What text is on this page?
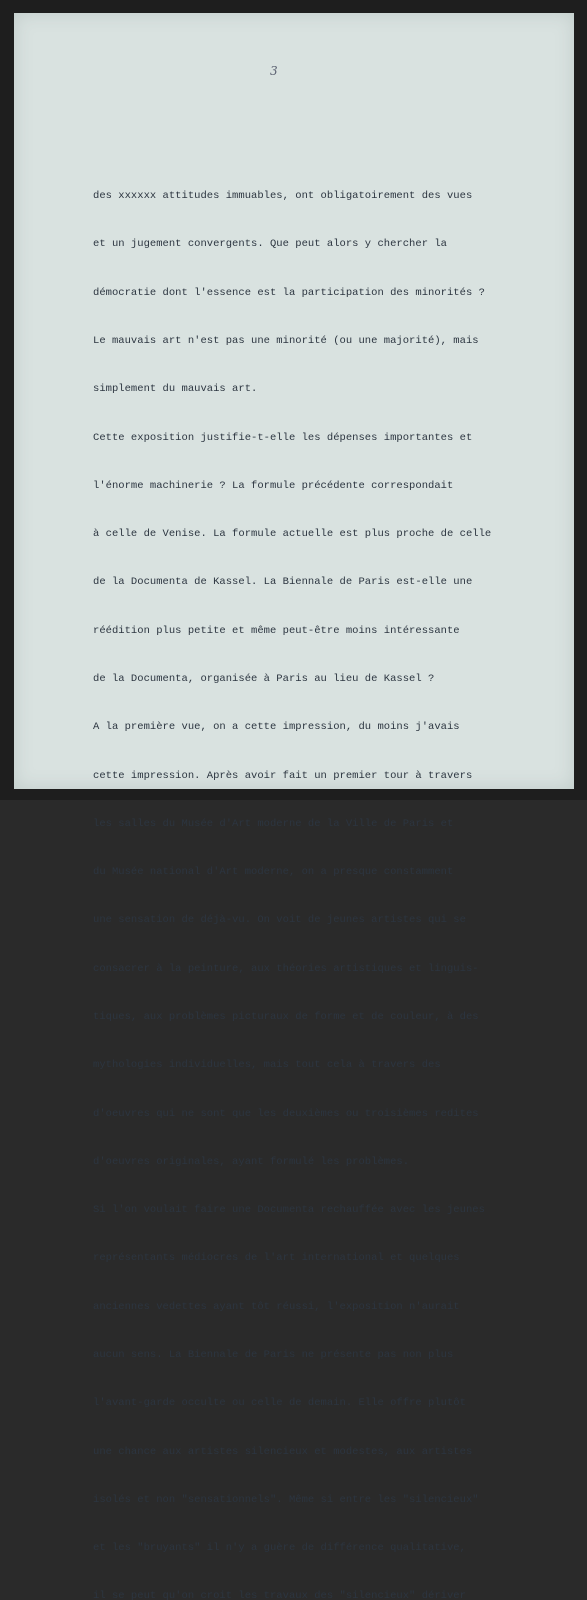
3

des xxxxxx attitudes immuables, ont obligatoirement des vues

et un jugement convergents. Que peut alors y chercher la

démocratie dont l'essence est la participation des minorités ?

Le mauvais art n'est pas une minorité (ou une majorité), mais

simplement du mauvais art.

Cette exposition justifie-t-elle les dépenses importantes et

l'énorme machinerie ? La formule précédente correspondait

à celle de Venise. La formule actuelle est plus proche de celle

de la Documenta de Kassel. La Biennale de Paris est-elle une

réédition plus petite et même peut-être moins intéressante

de la Documenta, organisée à Paris au lieu de Kassel ?

A la première vue, on a cette impression, du moins j'avais

cette impression. Après avoir fait un premier tour à travers

les salles du Musée d'Art moderne de la Ville de Paris et

du Musée national d'Art moderne, on a presque constamment

une sensation de déjà-vu. On voit de jeunes artistes qui se

consacrer à la peinture, aux théories artistiques et linguis-

tiques, aux problèmes picturaux de forme et de couleur, à des

mythologies individuelles, mais tout cela à travers des

d'oeuvres qui ne sont que les deuxièmes ou troisièmes redites

d'oeuvres originales, ayant formulé les problèmes.

Si l'on voulait faire une Documenta rechauffée avec les jeunes

représentants médiocres de l'art international et quelques

anciennes vedettes ayant tôt réussi, l'exposition n'aurait

aucun sens. La Biennale de Paris ne présente pas non plus

l'avant-garde occulte ou celle de demain. Elle offre plutôt

une chance aux artistes silencieux et modestes, aux artistes

isolés et non "sensationnels". Même si entre les "silencieux"

et les "bruyants" il n'y a guère de différence qualitative,

il se peut qu'on croit les travaux des "silencieux" dériver
